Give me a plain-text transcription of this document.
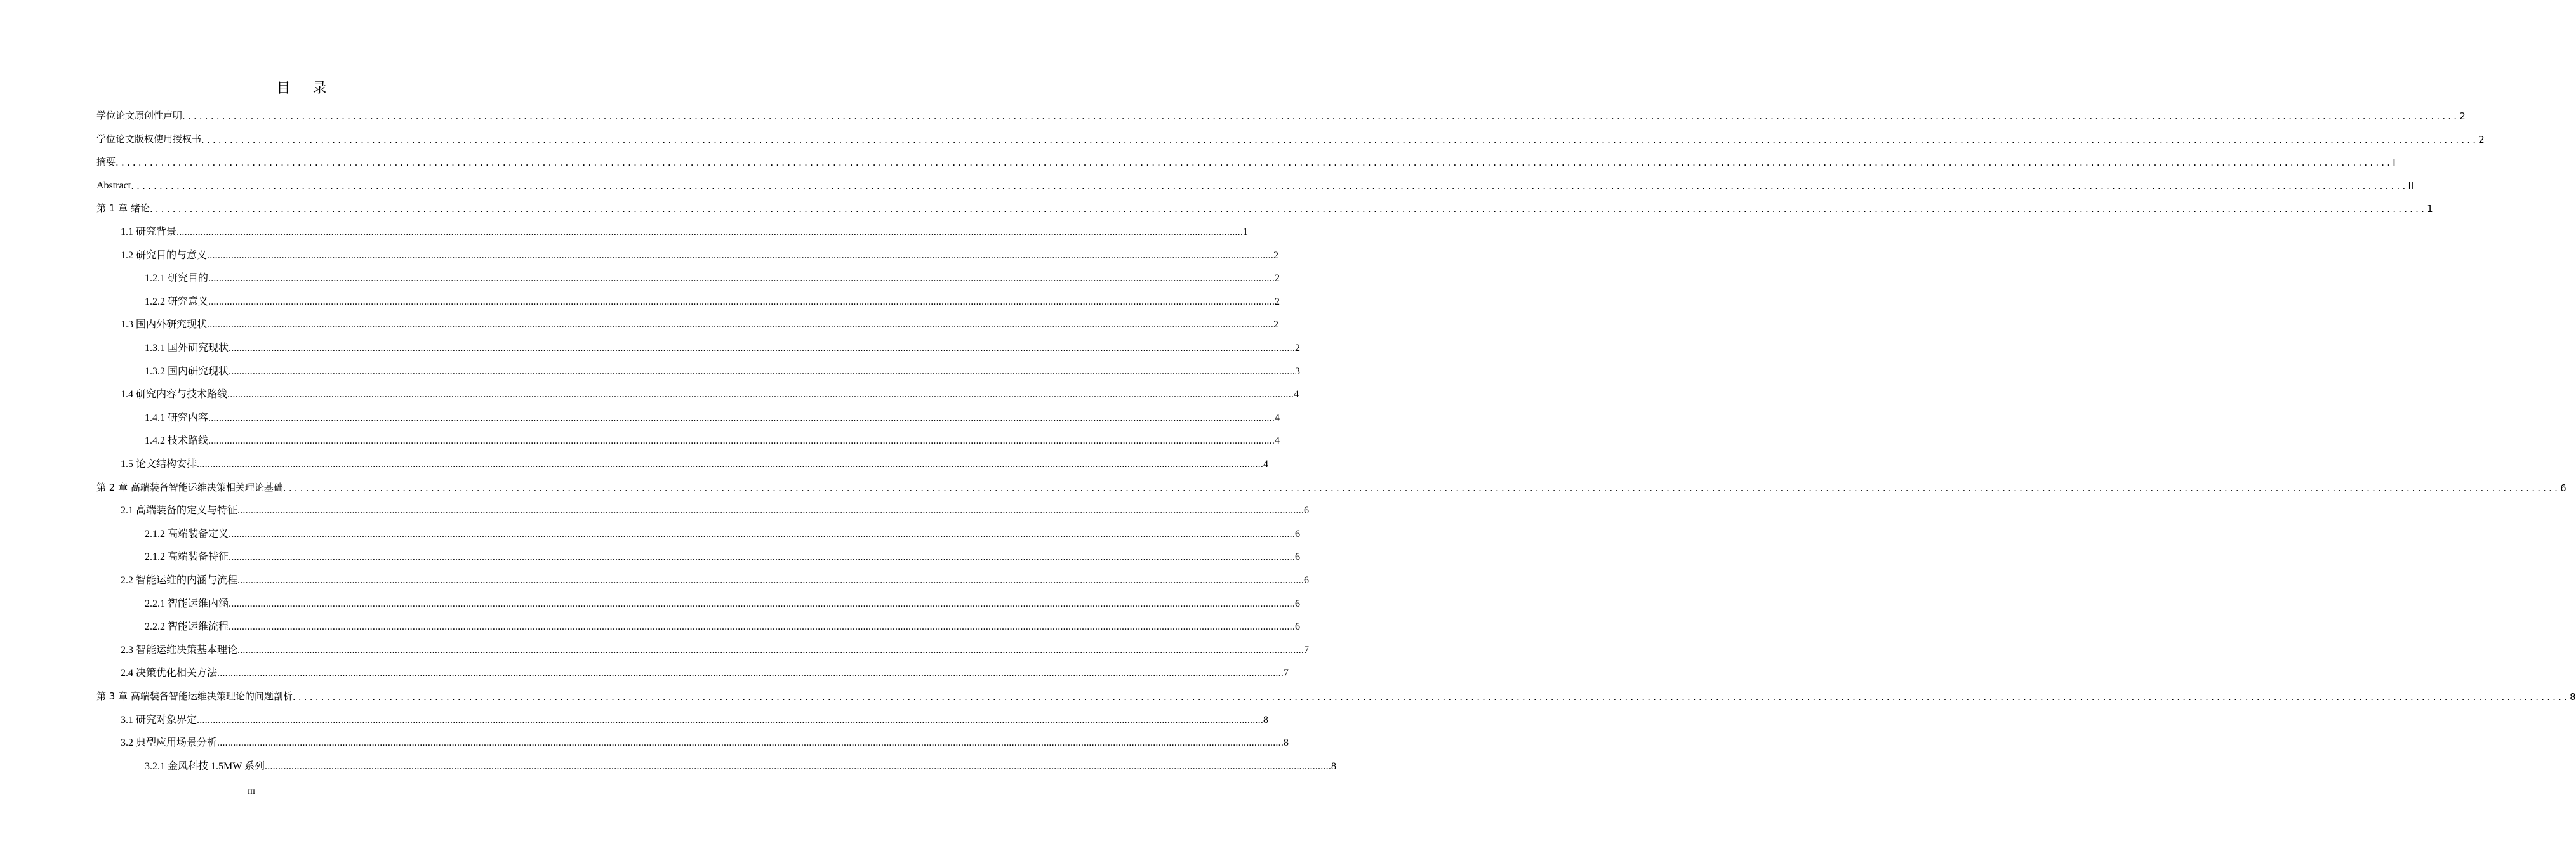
目 录
学位论文原创性声明 ................................................................................................................................................................................................................................................................................................................................................................................................................ 2
学位论文版权使用授权书 ................................................................................................................................................................................................................................................................................................................................................................................................................ 2
摘要 ................................................................................................................................................................................................................................................................................................................................................................................................................ I
Abstract ................................................................................................................................................................................................................................................................................................................................................................................................................ II
第 1 章 绪论 ................................................................................................................................................................................................................................................................................................................................................................................................................ 1
1.1 研究背景 ................................................................................................................................................................................................................................................................................................................................................................................................................ 1
1.2 研究目的与意义 ................................................................................................................................................................................................................................................................................................................................................................................................................ 2
1.2.1 研究目的 ................................................................................................................................................................................................................................................................................................................................................................................................................ 2
1.2.2 研究意义 ................................................................................................................................................................................................................................................................................................................................................................................................................ 2
1.3 国内外研究现状 ................................................................................................................................................................................................................................................................................................................................................................................................................ 2
1.3.1 国外研究现状 ................................................................................................................................................................................................................................................................................................................................................................................................................ 2
1.3.2 国内研究现状 ................................................................................................................................................................................................................................................................................................................................................................................................................ 3
1.4 研究内容与技术路线 ................................................................................................................................................................................................................................................................................................................................................................................................................ 4
1.4.1 研究内容 ................................................................................................................................................................................................................................................................................................................................................................................................................ 4
1.4.2 技术路线 ................................................................................................................................................................................................................................................................................................................................................................................................................ 4
1.5 论文结构安排 ................................................................................................................................................................................................................................................................................................................................................................................................................ 4
第 2 章 高端装备智能运维决策相关理论基础 ................................................................................................................................................................................................................................................................................................................................................................................................................ 6
2.1 高端装备的定义与特征 ................................................................................................................................................................................................................................................................................................................................................................................................................ 6
2.1.2 高端装备定义 ................................................................................................................................................................................................................................................................................................................................................................................................................ 6
2.1.2 高端装备特征 ................................................................................................................................................................................................................................................................................................................................................................................................................ 6
2.2 智能运维的内涵与流程 ................................................................................................................................................................................................................................................................................................................................................................................................................ 6
2.2.1 智能运维内涵 ................................................................................................................................................................................................................................................................................................................................................................................................................ 6
2.2.2 智能运维流程 ................................................................................................................................................................................................................................................................................................................................................................................................................ 6
2.3 智能运维决策基本理论 ................................................................................................................................................................................................................................................................................................................................................................................................................ 7
2.4 决策优化相关方法 ................................................................................................................................................................................................................................................................................................................................................................................................................ 7
第 3 章 高端装备智能运维决策理论的问题剖析 ................................................................................................................................................................................................................................................................................................................................................................................................................ 8
3.1 研究对象界定 ................................................................................................................................................................................................................................................................................................................................................................................................................ 8
3.2 典型应用场景分析 ................................................................................................................................................................................................................................................................................................................................................................................................................ 8
3.2.1 金风科技 1.5MW 系列 ................................................................................................................................................................................................................................................................................................................................................................................................................ 8
III
